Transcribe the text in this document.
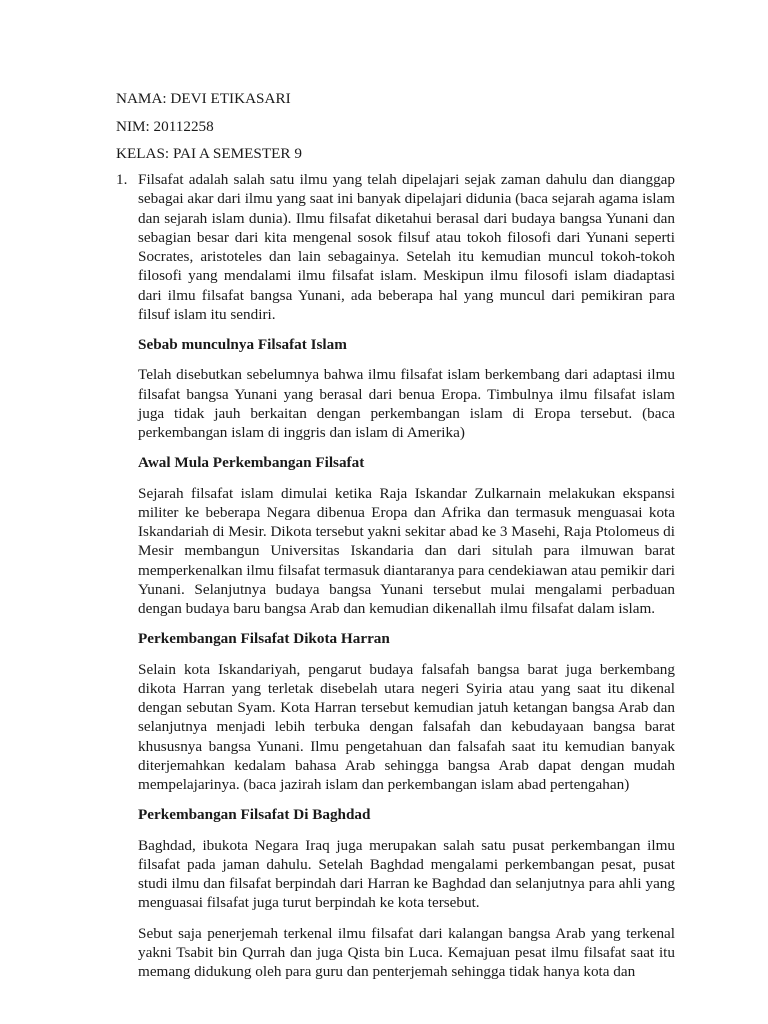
NAMA: DEVI ETIKASARI
NIM: 20112258
KELAS: PAI A SEMESTER 9
1. Filsafat adalah salah satu ilmu yang telah dipelajari sejak zaman dahulu dan dianggap sebagai akar dari ilmu yang saat ini banyak dipelajari didunia (baca sejarah agama islam dan sejarah islam dunia). Ilmu filsafat diketahui berasal dari budaya bangsa Yunani dan sebagian besar dari kita mengenal sosok filsuf atau tokoh filosofi dari Yunani seperti Socrates, aristoteles dan lain sebagainya. Setelah itu kemudian muncul tokoh-tokoh filosofi yang mendalami ilmu filsafat islam. Meskipun ilmu filosofi islam diadaptasi dari ilmu filsafat bangsa Yunani, ada beberapa hal yang muncul dari pemikiran para filsuf islam itu sendiri.

Sebab munculnya Filsafat Islam

Telah disebutkan sebelumnya bahwa ilmu filsafat islam berkembang dari adaptasi ilmu filsafat bangsa Yunani yang berasal dari benua Eropa. Timbulnya ilmu filsafat islam juga tidak jauh berkaitan dengan perkembangan islam di Eropa tersebut. (baca perkembangan islam di inggris dan islam di Amerika)

Awal Mula Perkembangan Filsafat

Sejarah filsafat islam dimulai ketika Raja Iskandar Zulkarnain melakukan ekspansi militer ke beberapa Negara dibenua Eropa dan Afrika dan termasuk menguasai kota Iskandariah di Mesir. Dikota tersebut yakni sekitar abad ke 3 Masehi, Raja Ptolomeus di Mesir membangun Universitas Iskandaria dan dari situlah para ilmuwan barat memperkenalkan ilmu filsafat termasuk diantaranya para cendekiawan atau pemikir dari Yunani. Selanjutnya budaya bangsa Yunani tersebut mulai mengalami perbaduan dengan budaya baru bangsa Arab dan kemudian dikenallah ilmu filsafat dalam islam.

Perkembangan Filsafat Dikota Harran

Selain kota Iskandariyah, pengarut budaya falsafah bangsa barat juga berkembang dikota Harran yang terletak disebelah utara negeri Syiria atau yang saat itu dikenal dengan sebutan Syam. Kota Harran tersebut kemudian jatuh ketangan bangsa Arab dan selanjutnya menjadi lebih terbuka dengan falsafah dan kebudayaan bangsa barat khususnya bangsa Yunani. Ilmu pengetahuan dan falsafah saat itu kemudian banyak diterjemahkan kedalam bahasa Arab sehingga bangsa Arab dapat dengan mudah mempelajarinya. (baca jazirah islam dan perkembangan islam abad pertengahan)

Perkembangan Filsafat Di Baghdad

Baghdad, ibukota Negara Iraq juga merupakan salah satu pusat perkembangan ilmu filsafat pada jaman dahulu. Setelah Baghdad mengalami perkembangan pesat, pusat studi ilmu dan filsafat berpindah dari Harran ke Baghdad dan selanjutnya para ahli yang menguasai filsafat juga turut berpindah ke kota tersebut.

Sebut saja penerjemah terkenal ilmu filsafat dari kalangan bangsa Arab yang terkenal yakni Tsabit bin Qurrah dan juga Qista bin Luca. Kemajuan pesat ilmu filsafat saat itu memang didukung oleh para guru dan penterjemah sehingga tidak hanya kota dan
